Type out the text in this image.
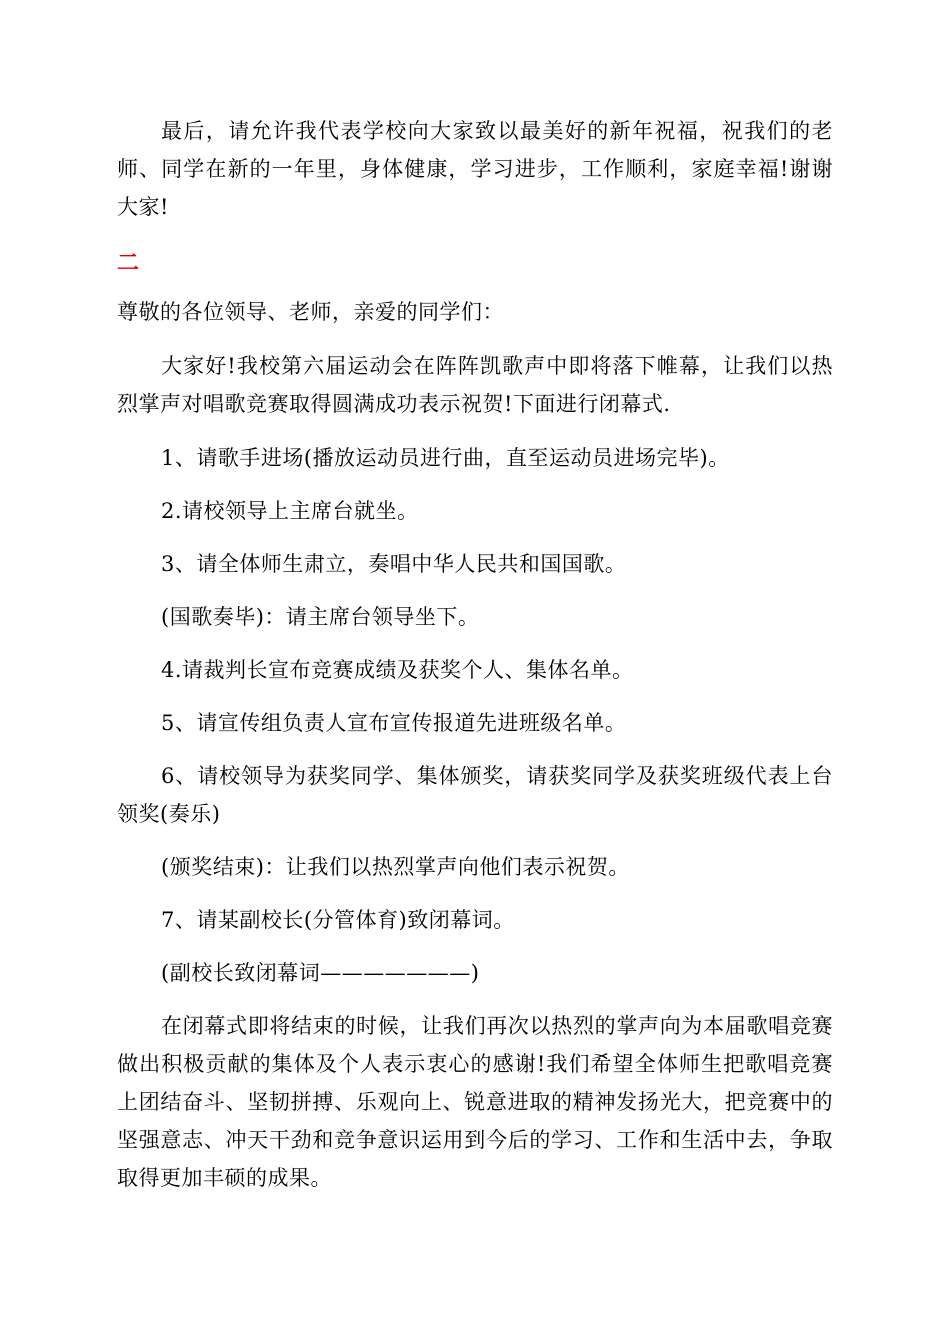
最后，请允许我代表学校向大家致以最美好的新年祝福，祝我们的老师、同学在新的一年里，身体健康，学习进步，工作顺利，家庭幸福!谢谢大家!

二

尊敬的各位领导、老师，亲爱的同学们：

大家好!我校第六届运动会在阵阵凯歌声中即将落下帷幕，让我们以热烈掌声对唱歌竞赛取得圆满成功表示祝贺!下面进行闭幕式.

1、请歌手进场(播放运动员进行曲，直至运动员进场完毕)。

2.请校领导上主席台就坐。

3、请全体师生肃立，奏唱中华人民共和国国歌。

(国歌奏毕)：请主席台领导坐下。

4.请裁判长宣布竞赛成绩及获奖个人、集体名单。

5、请宣传组负责人宣布宣传报道先进班级名单。

6、请校领导为获奖同学、集体颁奖，请获奖同学及获奖班级代表上台领奖(奏乐)

(颁奖结束)：让我们以热烈掌声向他们表示祝贺。

7、请某副校长(分管体育)致闭幕词。

(副校长致闭幕词———————)

在闭幕式即将结束的时候，让我们再次以热烈的掌声向为本届歌唱竞赛做出积极贡献的集体及个人表示衷心的感谢!我们希望全体师生把歌唱竞赛上团结奋斗、坚韧拼搏、乐观向上、锐意进取的精神发扬光大，把竞赛中的坚强意志、冲天干劲和竞争意识运用到今后的学习、工作和生活中去，争取取得更加丰硕的成果。
